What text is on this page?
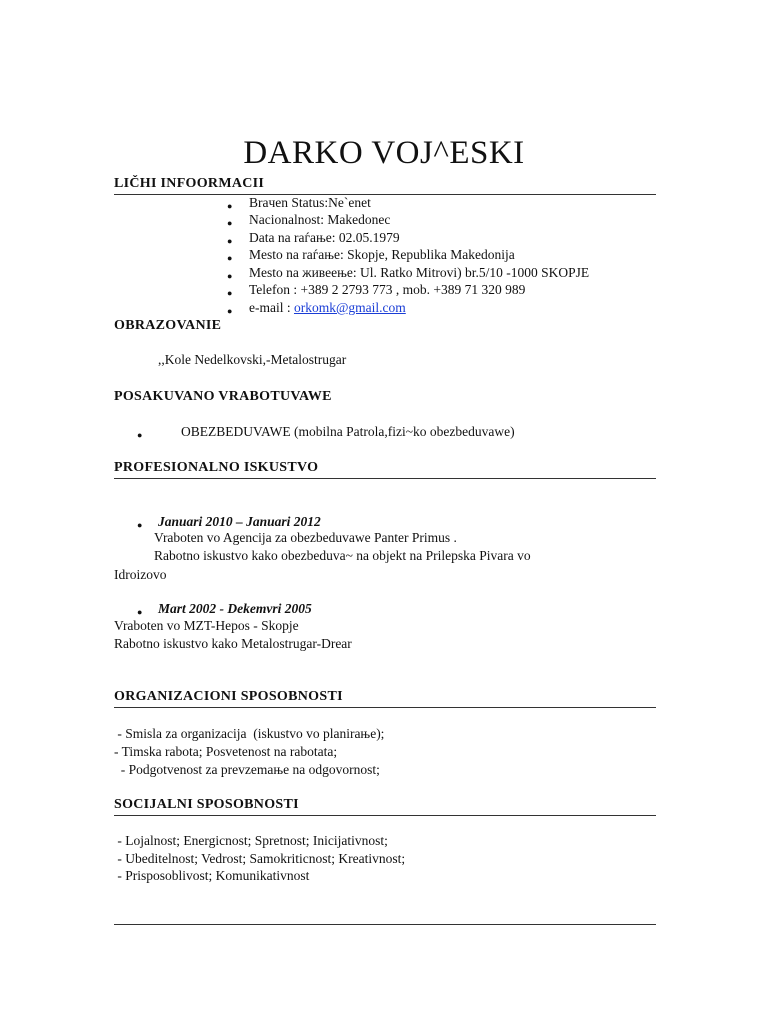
DARKO VOJ^ESKI
LIČHI INFOORMACII
● Braчen Status:Ne`enet
● Nacionalnost: Makedonec
● Data na raѓање: 02.05.1979
● Mesto na raѓање: Skopje, Republika Makedonija
● Mesto na живеење: Ul. Ratko Mitrovi) br.5/10 -1000 SKOPJE
● Telefon : +389 2 2793 773 , mob. +389 71 320 989
● e-mail : orkomk@gmail.com
OBRAZOVANIE
,,Kole Nedelkovski,-Metalostrugar
POSAKUVANO VRABOTUVAWE
●	OBEZBEDUVAWE (mobilna Patrola,fizi~ko obezbeduvawe)
PROFESIONALNO ISKUSTVO
● Januari 2010 – Januari 2012
Vraboten vo Agencija za obezbeduvawe Panter Primus .
Rabotno iskustvo kako obezbeduva~ na objekt na Prilepska Pivara vo
Idroizovo
● Mart 2002 - Dekemvri 2005
Vraboten vo MZT-Hepos - Skopje
Rabotno iskustvo kako Metalostrugar-Drear
ORGANIZACIONI SPOSOBNOSTI
- Smisla za organizacija  (iskustvo vo planiraње);
- Timska rabota; Posvetenost na rabotata;
- Podgotvenost za prevzemaње na odgovornost;
SOCIJALNI SPOSOBNOSTI
- Lojalnost; Energicnost; Spretnost; Inicijativnost;
- Ubeditelnost; Vedrost; Samokriticnost; Kreativnost;
- Prisposoblivost; Komunikativnost
